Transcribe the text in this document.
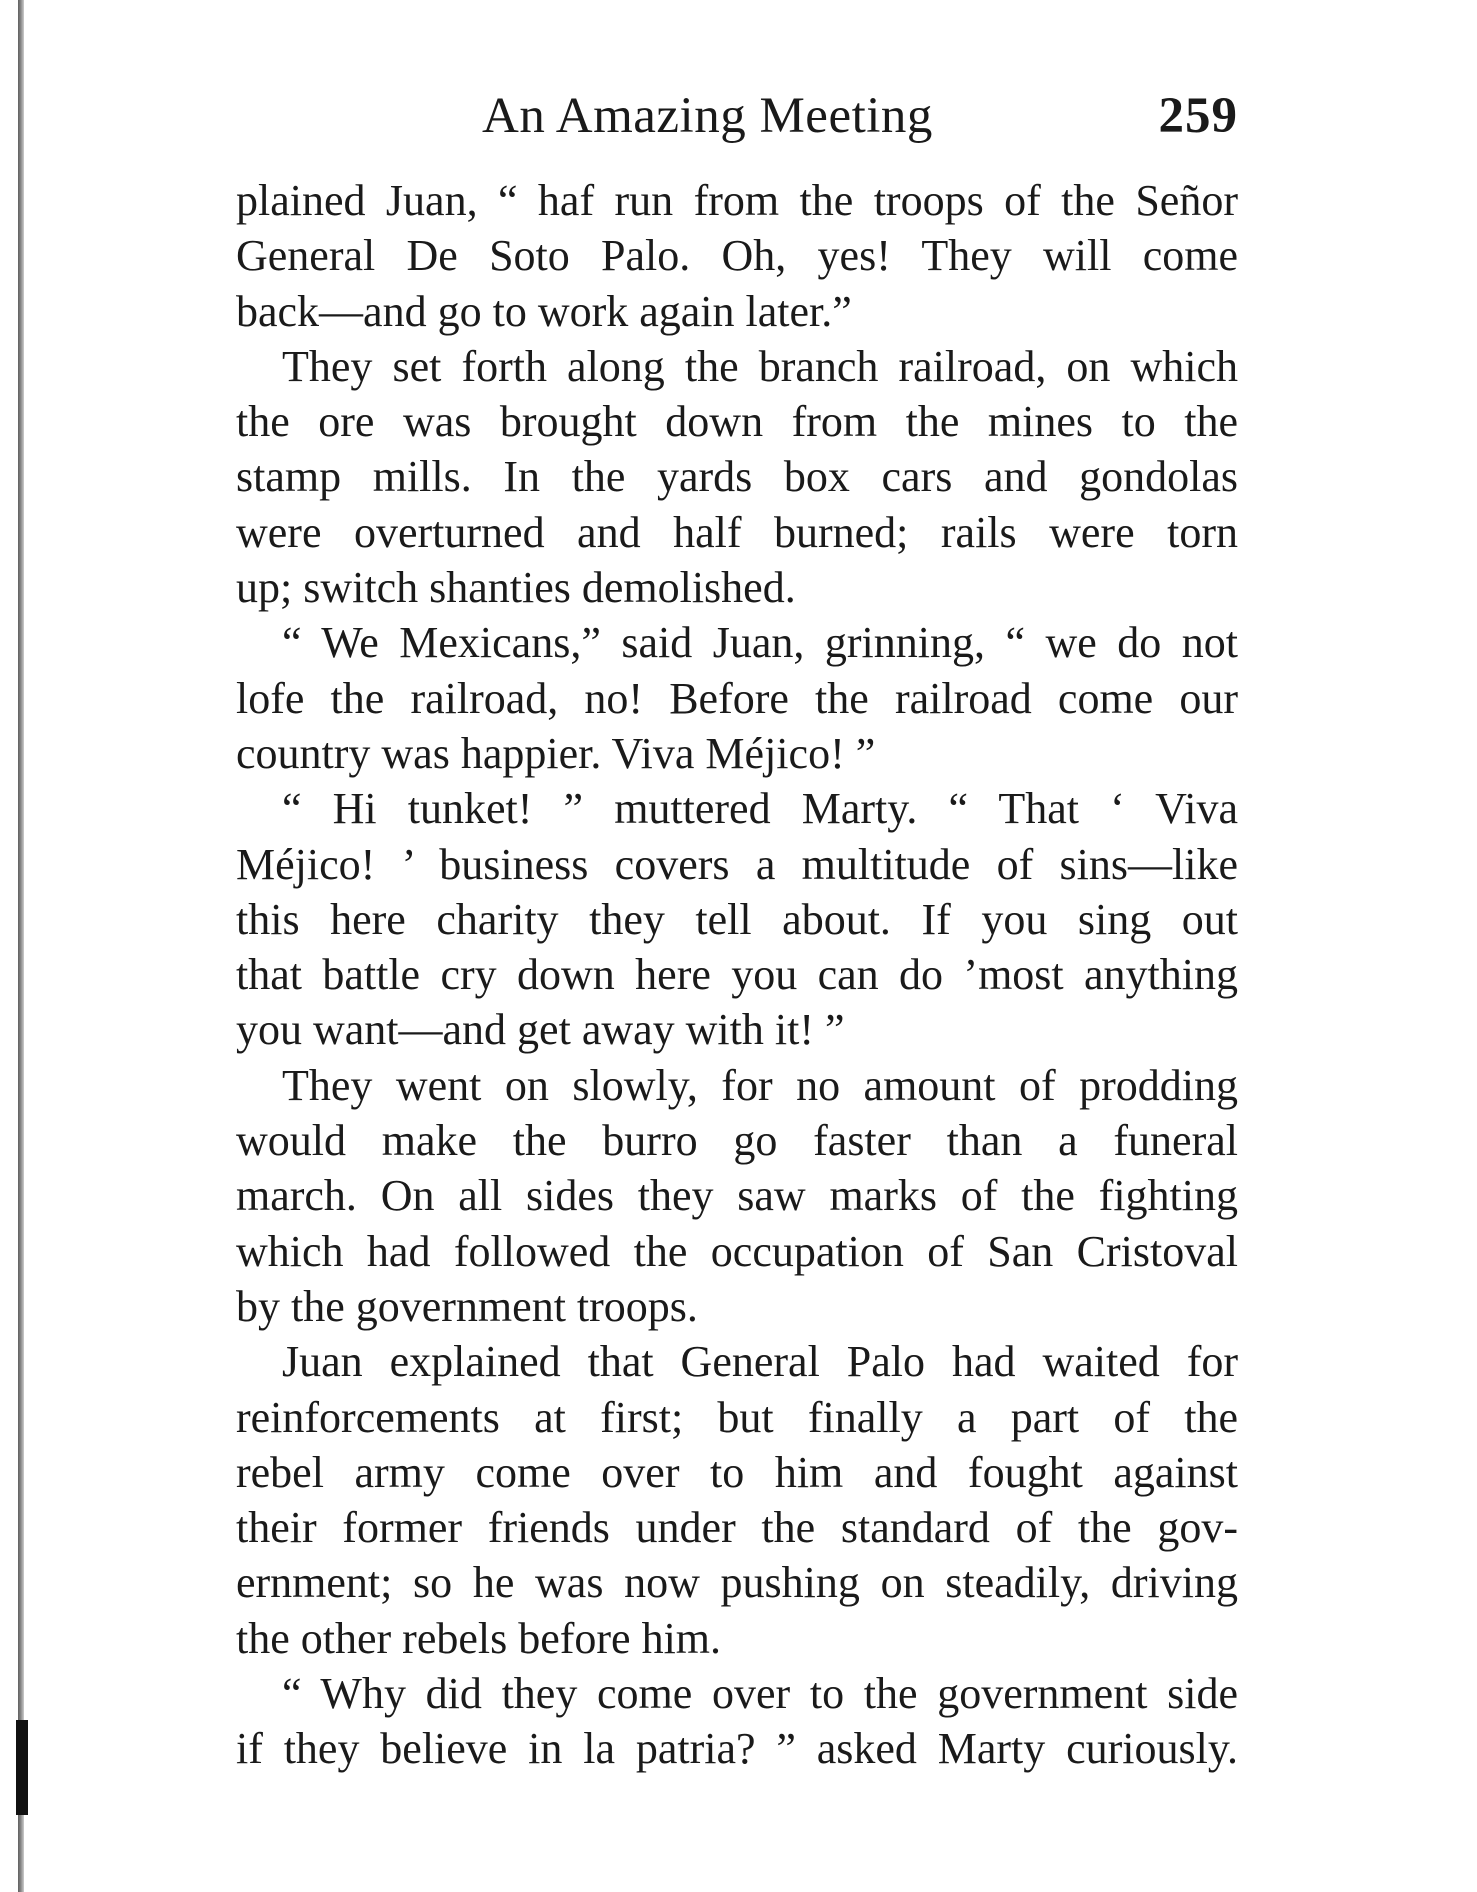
An Amazing Meeting	259
plained Juan, “ haf run from the troops of the Señor
General De Soto Palo. Oh, yes! They will come
back—and go to work again later.”
They set forth along the branch railroad, on which
the ore was brought down from the mines to the
stamp mills. In the yards box cars and gondolas
were overturned and half burned; rails were torn
up; switch shanties demolished.
“ We Mexicans,” said Juan, grinning, “ we do not
lofe the railroad, no! Before the railroad come our
country was happier. Viva Méjico! ”
“ Hi tunket! ” muttered Marty. “ That ‘ Viva
Méjico! ’ business covers a multitude of sins—like
this here charity they tell about. If you sing out
that battle cry down here you can do ’most anything
you want—and get away with it! ”
They went on slowly, for no amount of prodding
would make the burro go faster than a funeral
march. On all sides they saw marks of the fighting
which had followed the occupation of San Cristoval
by the government troops.
Juan explained that General Palo had waited for
reinforcements at first; but finally a part of the
rebel army come over to him and fought against
their former friends under the standard of the gov-
ernment; so he was now pushing on steadily, driving
the other rebels before him.
“ Why did they come over to the government side
if they believe in la patria? ” asked Marty curiously.
